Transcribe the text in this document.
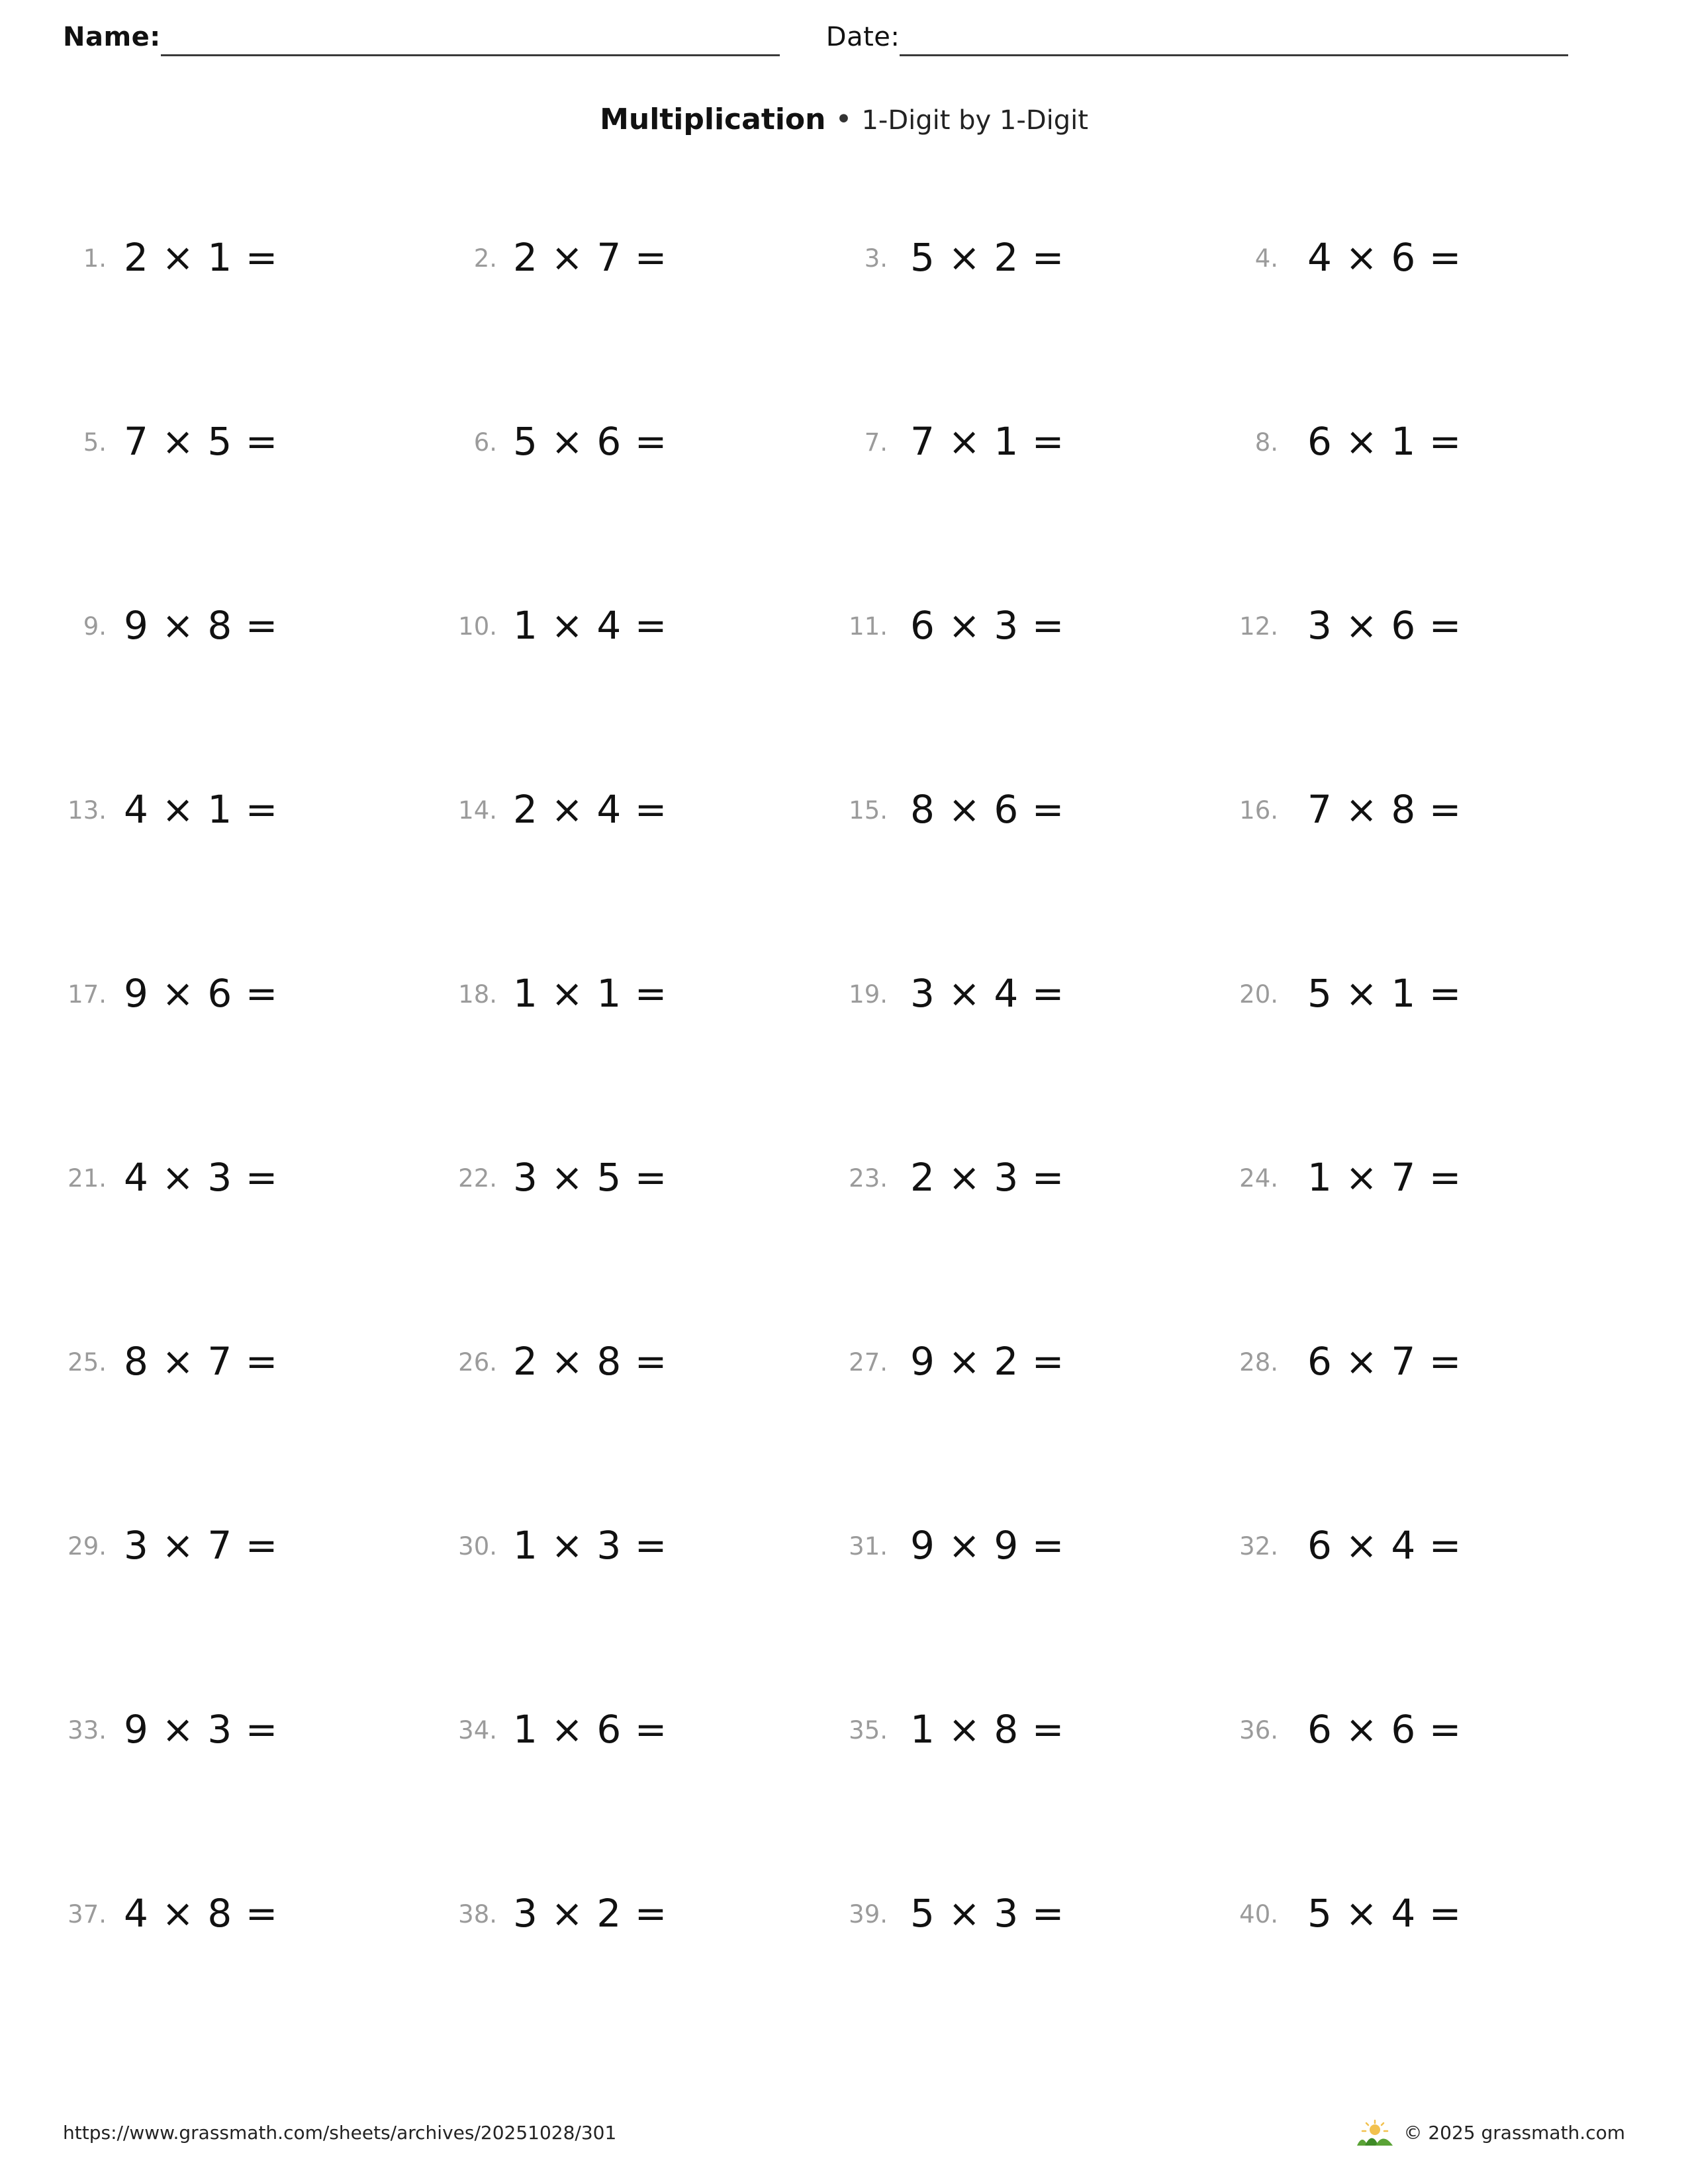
Name:	Date:
Multiplication • 1-Digit by 1-Digit
1. 2 × 1 =	2. 2 × 7 =	3. 5 × 2 =	4. 4 × 6 =
5. 7 × 5 =	6. 5 × 6 =	7. 7 × 1 =	8. 6 × 1 =
9. 9 × 8 =	10. 1 × 4 =	11. 6 × 3 =	12. 3 × 6 =
13. 4 × 1 =	14. 2 × 4 =	15. 8 × 6 =	16. 7 × 8 =
17. 9 × 6 =	18. 1 × 1 =	19. 3 × 4 =	20. 5 × 1 =
21. 4 × 3 =	22. 3 × 5 =	23. 2 × 3 =	24. 1 × 7 =
25. 8 × 7 =	26. 2 × 8 =	27. 9 × 2 =	28. 6 × 7 =
29. 3 × 7 =	30. 1 × 3 =	31. 9 × 9 =	32. 6 × 4 =
33. 9 × 3 =	34. 1 × 6 =	35. 1 × 8 =	36. 6 × 6 =
37. 4 × 8 =	38. 3 × 2 =	39. 5 × 3 =	40. 5 × 4 =
https://www.grassmath.com/sheets/archives/20251028/301	© 2025 grassmath.com
